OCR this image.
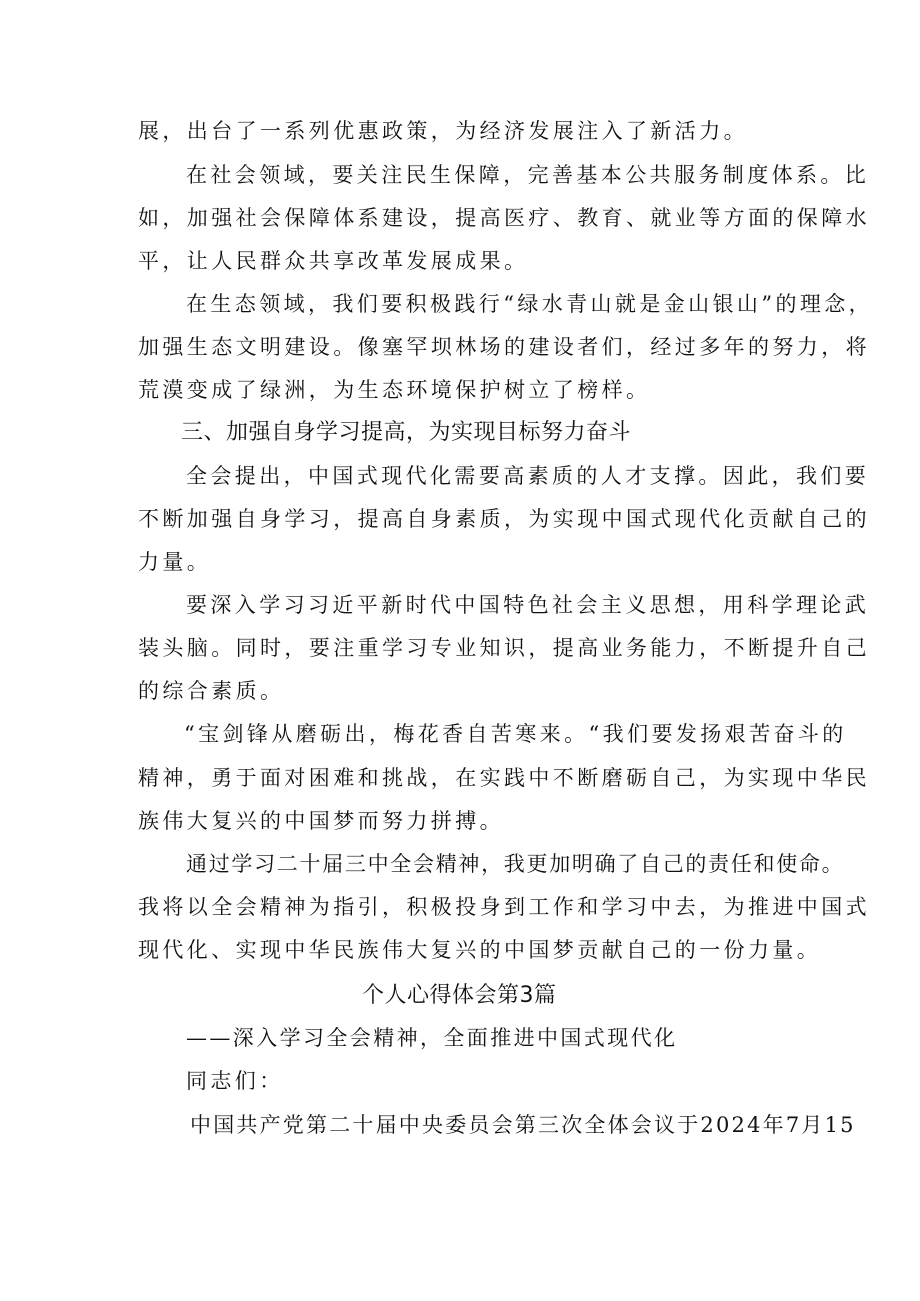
展，出台了一系列优惠政策，为经济发展注入了新活力。
在社会领域，要关注民生保障，完善基本公共服务制度体系。比
如，加强社会保障体系建设，提高医疗、教育、就业等方面的保障水
平，让人民群众共享改革发展成果。
在生态领域，我们要积极践行“绿水青山就是金山银山”的理念，
加强生态文明建设。像塞罕坝林场的建设者们，经过多年的努力，将
荒漠变成了绿洲，为生态环境保护树立了榜样。
三、加强自身学习提高，为实现目标努力奋斗
全会提出，中国式现代化需要高素质的人才支撑。因此，我们要
不断加强自身学习，提高自身素质，为实现中国式现代化贡献自己的
力量。
要深入学习习近平新时代中国特色社会主义思想，用科学理论武
装头脑。同时，要注重学习专业知识，提高业务能力，不断提升自己
的综合素质。
“宝剑锋从磨砺出，梅花香自苦寒来。“我们要发扬艰苦奋斗的
精神，勇于面对困难和挑战，在实践中不断磨砺自己，为实现中华民
族伟大复兴的中国梦而努力拼搏。
通过学习二十届三中全会精神，我更加明确了自己的责任和使命。
我将以全会精神为指引，积极投身到工作和学习中去，为推进中国式
现代化、实现中华民族伟大复兴的中国梦贡献自己的一份力量。
个人心得体会第3篇
——深入学习全会精神，全面推进中国式现代化
同志们：
中国共产党第二十届中央委员会第三次全体会议于2024年7月15
